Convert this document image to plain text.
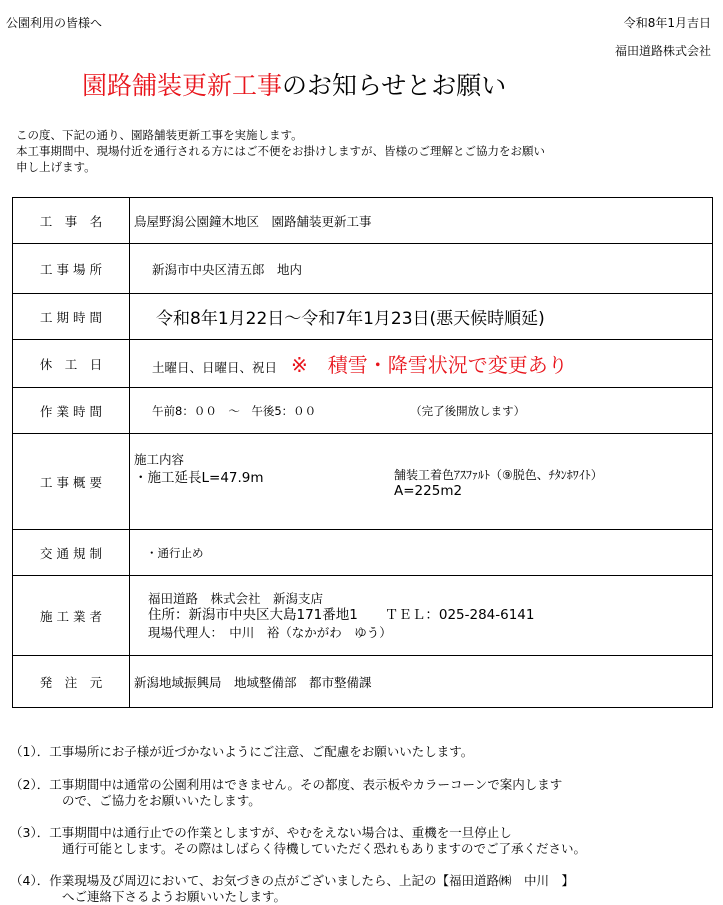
公園利用の皆様へ	令和8年1月吉日
福田道路株式会社
園路舗装更新工事のお知らせとお願い
この度、下記の通り、園路舗装更新工事を実施します。
本工事期間中、現場付近を通行される方にはご不便をお掛けしますが、皆様のご理解とご協力をお願い
申し上げます。
工　事　名	鳥屋野潟公園鐘木地区　園路舗装更新工事
工 事 場 所	新潟市中央区清五郎　地内
工 期 時 間	令和8年1月22日～令和7年1月23日(悪天候時順延)
休　工　日	土曜日、日曜日、祝日 ※　積雪・降雪状況で変更あり
作 業 時 間	午前8：００　～　午後5：００ （完了後開放します）
工 事 概 要	施工内容
・施工延長L=47.9m 舗装工着色ｱｽﾌｧﾙﾄ（⑨脱色、ﾁﾀﾝﾎﾜｲﾄ）
A=225m2

交 通 規 制	・通行止め
施 工 業 者	福田道路　株式会社　新潟支店
住所：新潟市中央区大島171番地1　　ＴＥＬ：025-284-6141
現場代理人：　中川　裕（なかがわ　ゆう）

発　注　元	新潟地域振興局　地域整備部　都市整備課
（1）．工事場所にお子様が近づかないようにご注意、ご配慮をお願いいたします。
（2）．工事期間中は通常の公園利用はできません。その都度、表示板やカラーコーンで案内します
ので、ご協力をお願いいたします。
（3）．工事期間中は通行止での作業としますが、やむをえない場合は、重機を一旦停止し
通行可能とします。その際はしばらく待機していただく恐れもありますのでご了承ください。
（4）．作業現場及び周辺において、お気づきの点がございましたら、上記の【福田道路㈱　中川　】
へご連絡下さるようお願いいたします。
